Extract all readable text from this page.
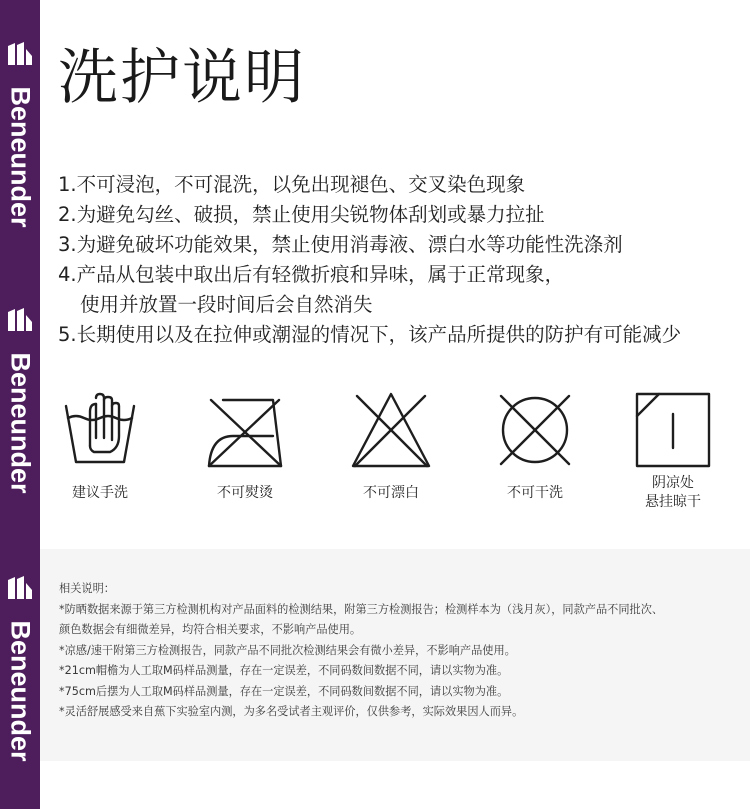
Beneunder
Beneunder
Beneunder
洗护说明
1.不可浸泡，不可混洗，以免出现褪色、交叉染色现象
2.为避免勾丝、破损，禁止使用尖锐物体刮划或暴力拉扯
3.为避免破坏功能效果，禁止使用消毒液、漂白水等功能性洗涤剂
4.产品从包装中取出后有轻微折痕和异味，属于正常现象，
使用并放置一段时间后会自然消失
5.长期使用以及在拉伸或潮湿的情况下，该产品所提供的防护有可能减少
建议手洗	不可熨烫	不可漂白	不可干洗
阴凉处
悬挂晾干

相关说明：

*防晒数据来源于第三方检测机构对产品面料的检测结果，附第三方检测报告；检测样本为（浅月灰），同款产品不同批次、

颜色数据会有细微差异，均符合相关要求，不影响产品使用。

*凉感/速干附第三方检测报告，同款产品不同批次检测结果会有微小差异，不影响产品使用。

*21cm帽檐为人工取M码样品测量，存在一定误差，不同码数间数据不同，请以实物为准。

*75cm后摆为人工取M码样品测量，存在一定误差，不同码数间数据不同，请以实物为准。

*灵活舒展感受来自蕉下实验室内测，为多名受试者主观评价，仅供参考，实际效果因人而异。
